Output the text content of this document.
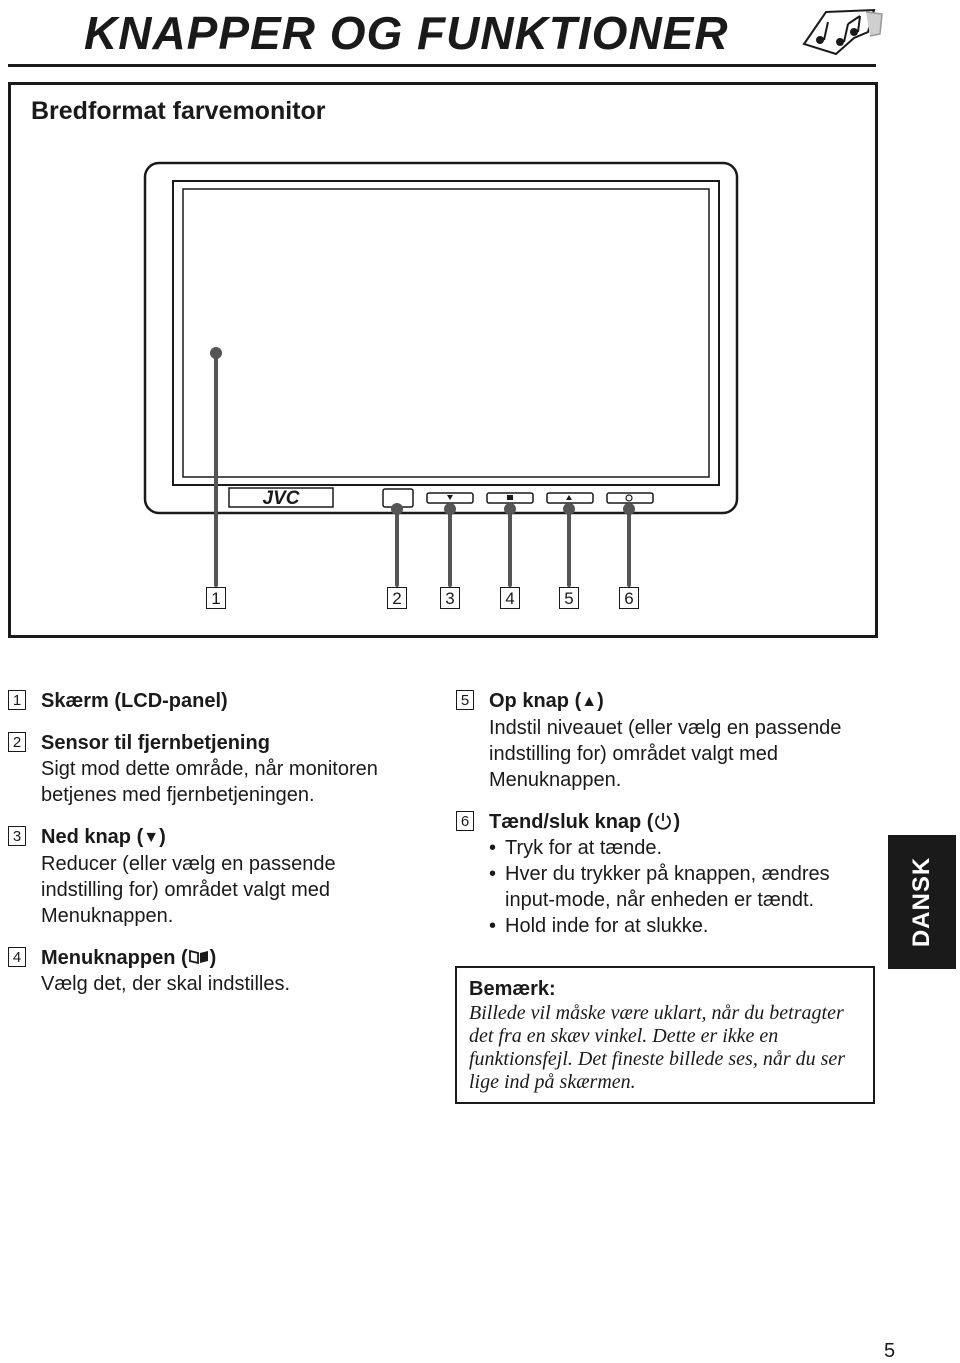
KNAPPER OG FUNKTIONER
Bredformat farvemonitor
JVC
1	2	3	4	5	6
1 Skærm (LCD-panel)
2 Sensor til fjernbetjening
Sigt mod dette område, når monitoren betjenes med fjernbetjeningen.
3 Ned knap (▼)
Reducer (eller vælg en passende indstilling for) området valgt med Menuknappen.
4 Menuknappen ( )
Vælg det, der skal indstilles.
5 Op knap (▲)
Indstil niveauet (eller vælg en passende indstilling for) området valgt med Menuknappen.
6 Tænd/sluk knap ( )
• Tryk for at tænde.
• Hver du trykker på knappen, ændres input-mode, når enheden er tændt.
• Hold inde for at slukke.
Bemærk:
Billede vil måske være uklart, når du betragter det fra en skæv vinkel. Dette er ikke en funktionsfejl. Det fineste billede ses, når du ser lige ind på skærmen.
DANSK
5
